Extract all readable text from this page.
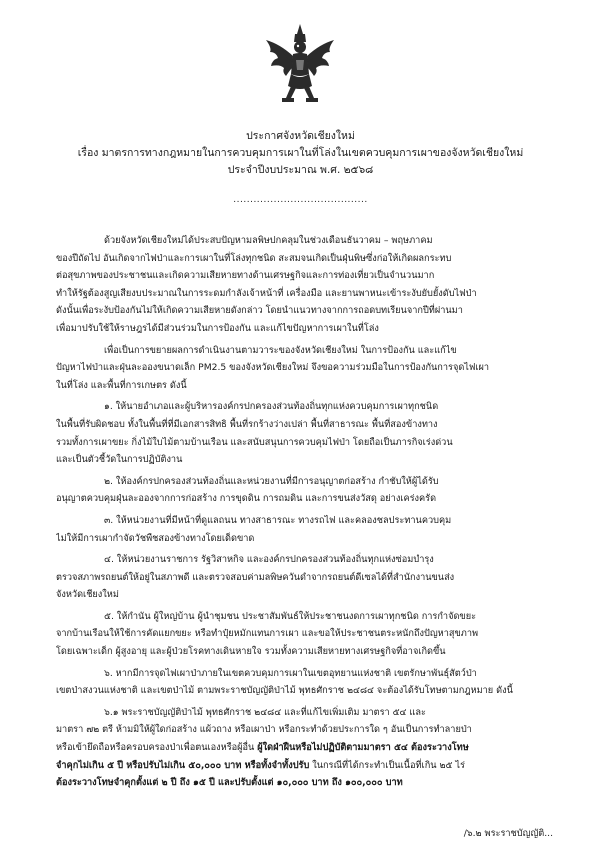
ประกาศจังหวัดเชียงใหม่
เรื่อง มาตรการทางกฎหมายในการควบคุมการเผาในที่โล่งในเขตควบคุมการเผาของจังหวัดเชียงใหม่
ประจำปีงบประมาณ พ.ศ. ๒๕๖๘
........................................

ด้วยจังหวัดเชียงใหม่ได้ประสบปัญหามลพิษปกคลุมในช่วงเดือนธันวาคม – พฤษภาคม
ของปีถัดไป อันเกิดจากไฟป่าและการเผาในที่โล่งทุกชนิด สะสมจนเกิดเป็นฝุ่นพิษซึ่งก่อให้เกิดผลกระทบ
ต่อสุขภาพของประชาชนและเกิดความเสียหายทางด้านเศรษฐกิจและการท่องเที่ยวเป็นจำนวนมาก
ทำให้รัฐต้องสูญเสียงบประมาณในการระดมกำลังเจ้าหน้าที่ เครื่องมือ และยานพาหนะเข้าระงับยับยั้งดับไฟป่า
ดังนั้นเพื่อระงับป้องกันไม่ให้เกิดความเสียหายดังกล่าว โดยนำแนวทางจากการถอดบทเรียนจากปีที่ผ่านมา
เพื่อมาปรับใช้ให้ราษฎรได้มีส่วนร่วมในการป้องกัน และแก้ไขปัญหาการเผาในที่โล่ง

เพื่อเป็นการขยายผลการดำเนินงานตามวาระของจังหวัดเชียงใหม่ ในการป้องกัน และแก้ไข
ปัญหาไฟป่าและฝุ่นละอองขนาดเล็ก PM2.5 ของจังหวัดเชียงใหม่ จึงขอความร่วมมือในการป้องกันการจุดไฟเผา
ในที่โล่ง และพื้นที่การเกษตร ดังนี้

๑. ให้นายอำเภอและผู้บริหารองค์กรปกครองส่วนท้องถิ่นทุกแห่งควบคุมการเผาทุกชนิด
ในพื้นที่รับผิดชอบ ทั้งในพื้นที่ที่มีเอกสารสิทธิ พื้นที่รกร้างว่างเปล่า พื้นที่สาธารณะ พื้นที่สองข้างทาง
รวมทั้งการเผาขยะ กิ่งไม้ใบไม้ตามบ้านเรือน และสนับสนุนการควบคุมไฟป่า โดยถือเป็นภารกิจเร่งด่วน
และเป็นตัวชี้วัดในการปฏิบัติงาน

๒. ให้องค์กรปกครองส่วนท้องถิ่นและหน่วยงานที่มีการอนุญาตก่อสร้าง กำชับให้ผู้ได้รับ
อนุญาตควบคุมฝุ่นละอองจากการก่อสร้าง การขุดดิน การถมดิน และการขนส่งวัสดุ อย่างเคร่งครัด

๓. ให้หน่วยงานที่มีหน้าที่ดูแลถนน ทางสาธารณะ ทางรถไฟ และคลองชลประทานควบคุม
ไม่ให้มีการเผากำจัดวัชพืชสองข้างทางโดยเด็ดขาด

๔. ให้หน่วยงานราชการ รัฐวิสาหกิจ และองค์กรปกครองส่วนท้องถิ่นทุกแห่งซ่อมบำรุง
ตรวจสภาพรถยนต์ให้อยู่ในสภาพดี และตรวจสอบค่ามลพิษควันดำจากรถยนต์ดีเซลได้ที่สำนักงานขนส่ง
จังหวัดเชียงใหม่

๕. ให้กำนัน ผู้ใหญ่บ้าน ผู้นำชุมชน ประชาสัมพันธ์ให้ประชาชนงดการเผาทุกชนิด การกำจัดขยะ
จากบ้านเรือนให้ใช้การคัดแยกขยะ หรือทำปุ๋ยหมักแทนการเผา และขอให้ประชาชนตระหนักถึงปัญหาสุขภาพ
โดยเฉพาะเด็ก ผู้สูงอายุ และผู้ป่วยโรคทางเดินหายใจ รวมทั้งความเสียหายทางเศรษฐกิจที่อาจเกิดขึ้น

๖. หากมีการจุดไฟเผาป่าภายในเขตควบคุมการเผาในเขตอุทยานแห่งชาติ เขตรักษาพันธุ์สัตว์ป่า
เขตป่าสงวนแห่งชาติ และเขตป่าไม้ ตามพระราชบัญญัติป่าไม้ พุทธศักราช ๒๔๘๔ จะต้องได้รับโทษตามกฎหมาย ดังนี้

๖.๑ พระราชบัญญัติป่าไม้ พุทธศักราช ๒๔๘๔ และที่แก้ไขเพิ่มเติม มาตรา ๕๔ และ
มาตรา ๗๒ ตรี ห้ามมิให้ผู้ใดก่อสร้าง แผ้วถาง หรือเผาป่า หรือกระทำด้วยประการใด ๆ อันเป็นการทำลายป่า
หรือเข้ายึดถือหรือครอบครองป่าเพื่อตนเองหรือผู้อื่น ผู้ใดฝ่าฝืนหรือไม่ปฏิบัติตามมาตรา ๕๔ ต้องระวางโทษ
จำคุกไม่เกิน ๕ ปี หรือปรับไม่เกิน ๕๐,๐๐๐ บาท หรือทั้งจำทั้งปรับ ในกรณีที่ได้กระทำเป็นเนื้อที่เกิน ๒๕ ไร่
ต้องระวางโทษจำคุกตั้งแต่ ๒ ปี ถึง ๑๕ ปี และปรับตั้งแต่ ๑๐,๐๐๐ บาท ถึง ๑๐๐,๐๐๐ บาท

/๖.๒ พระราชบัญญัติ...
